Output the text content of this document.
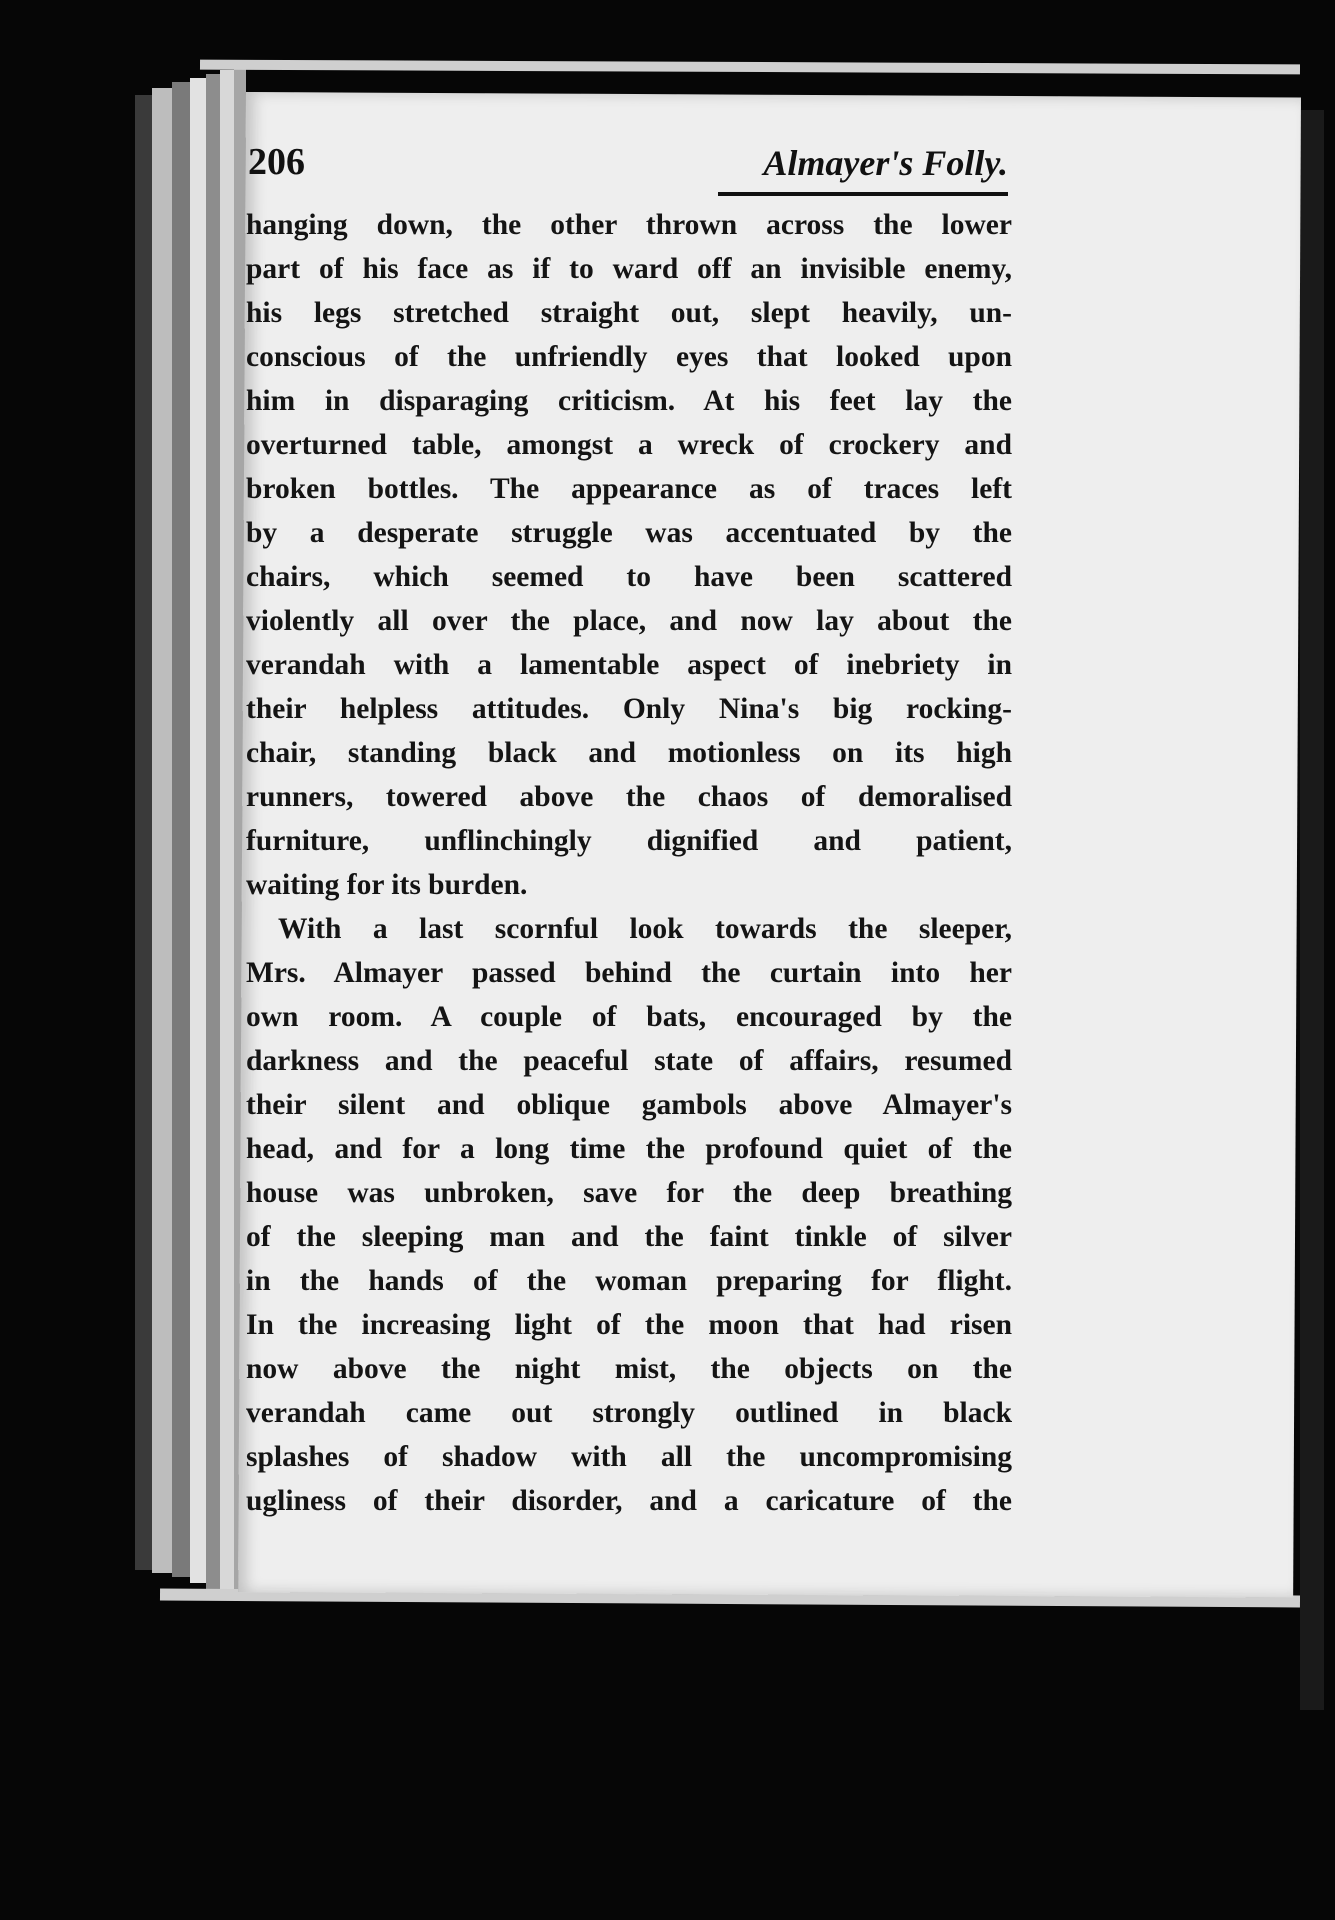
206	Almayer's Folly.
hanging down, the other thrown across the lower
part of his face as if to ward off an invisible enemy,
his legs stretched straight out, slept heavily, un-
conscious of the unfriendly eyes that looked upon
him in disparaging criticism. At his feet lay the
overturned table, amongst a wreck of crockery and
broken bottles. The appearance as of traces left
by a desperate struggle was accentuated by the
chairs, which seemed to have been scattered
violently all over the place, and now lay about the
verandah with a lamentable aspect of inebriety in
their helpless attitudes. Only Nina's big rocking-
chair, standing black and motionless on its high
runners, towered above the chaos of demoralised
furniture, unflinchingly dignified and patient,
waiting for its burden.
With a last scornful look towards the sleeper,
Mrs. Almayer passed behind the curtain into her
own room. A couple of bats, encouraged by the
darkness and the peaceful state of affairs, resumed
their silent and oblique gambols above Almayer's
head, and for a long time the profound quiet of the
house was unbroken, save for the deep breathing
of the sleeping man and the faint tinkle of silver
in the hands of the woman preparing for flight.
In the increasing light of the moon that had risen
now above the night mist, the objects on the
verandah came out strongly outlined in black
splashes of shadow with all the uncompromising
ugliness of their disorder, and a caricature of the
